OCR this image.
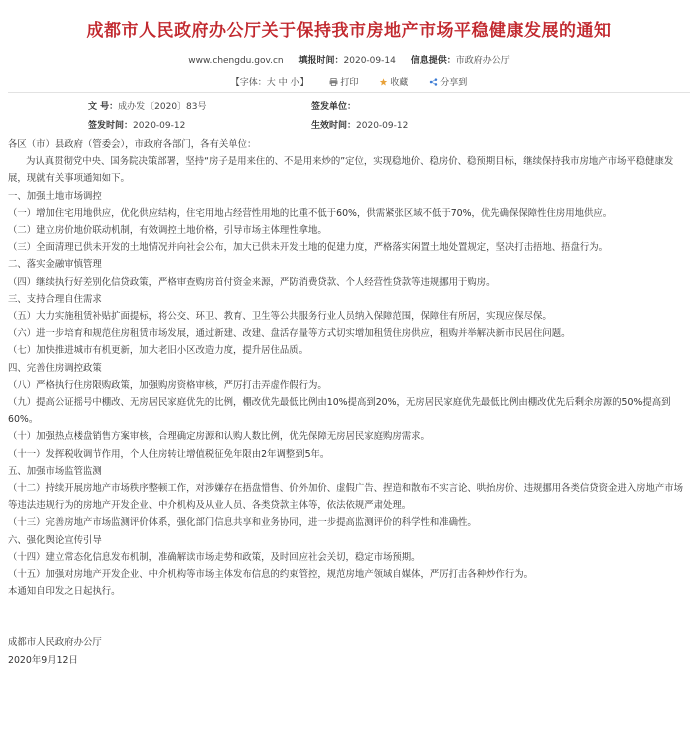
成都市人民政府办公厅关于保持我市房地产市场平稳健康发展的通知
www.chengdu.gov.cn 填报时间：2020-09-14 信息提供：市政府办公厅
【字体：大 中 小】	打印	收藏	分享到
文 号：成办发〔2020〕83号	签发单位：
签发时间：2020-09-12	生效时间：2020-09-12

各区（市）县政府（管委会），市政府各部门，各有关单位：

为认真贯彻党中央、国务院决策部署，坚持“房子是用来住的、不是用来炒的”定位，实现稳地价、稳房价、稳预期目标，继续保持我市房地产市场平稳健康发展，现就有关事项通知如下。

一、加强土地市场调控

（一）增加住宅用地供应，优化供应结构，住宅用地占经营性用地的比重不低于60%，供需紧张区域不低于70%，优先确保保障性住房用地供应。

（二）建立房价地价联动机制，有效调控土地价格，引导市场主体理性拿地。

（三）全面清理已供未开发的土地情况并向社会公布，加大已供未开发土地的促建力度，严格落实闲置土地处置规定，坚决打击捂地、捂盘行为。

二、落实金融审慎管理

（四）继续执行好差别化信贷政策，严格审查购房首付资金来源，严防消费贷款、个人经营性贷款等违规挪用于购房。

三、支持合理自住需求

（五）大力实施租赁补贴扩面提标，将公交、环卫、教育、卫生等公共服务行业人员纳入保障范围，保障住有所居，实现应保尽保。

（六）进一步培育和规范住房租赁市场发展，通过新建、改建、盘活存量等方式切实增加租赁住房供应，租购并举解决新市民居住问题。

（七）加快推进城市有机更新，加大老旧小区改造力度，提升居住品质。

四、完善住房调控政策

（八）严格执行住房限购政策，加强购房资格审核，严厉打击弄虚作假行为。

（九）提高公证摇号中棚改、无房居民家庭优先的比例，棚改优先最低比例由10%提高到20%，无房居民家庭优先最低比例由棚改优先后剩余房源的50%提高到60%。

（十）加强热点楼盘销售方案审核，合理确定房源和认购人数比例，优先保障无房居民家庭购房需求。

（十一）发挥税收调节作用，个人住房转让增值税征免年限由2年调整到5年。

五、加强市场监管监测

（十二）持续开展房地产市场秩序整顿工作，对涉嫌存在捂盘惜售、价外加价、虚假广告、捏造和散布不实言论、哄抬房价、违规挪用各类信贷资金进入房地产市场等违法违规行为的房地产开发企业、中介机构及从业人员、各类贷款主体等，依法依规严肃处理。

（十三）完善房地产市场监测评价体系，强化部门信息共享和业务协同，进一步提高监测评价的科学性和准确性。

六、强化舆论宣传引导

（十四）建立常态化信息发布机制，准确解读市场走势和政策，及时回应社会关切，稳定市场预期。

（十五）加强对房地产开发企业、中介机构等市场主体发布信息的约束管控，规范房地产领域自媒体，严厉打击各种炒作行为。

本通知自印发之日起执行。

成都市人民政府办公厅

2020年9月12日
